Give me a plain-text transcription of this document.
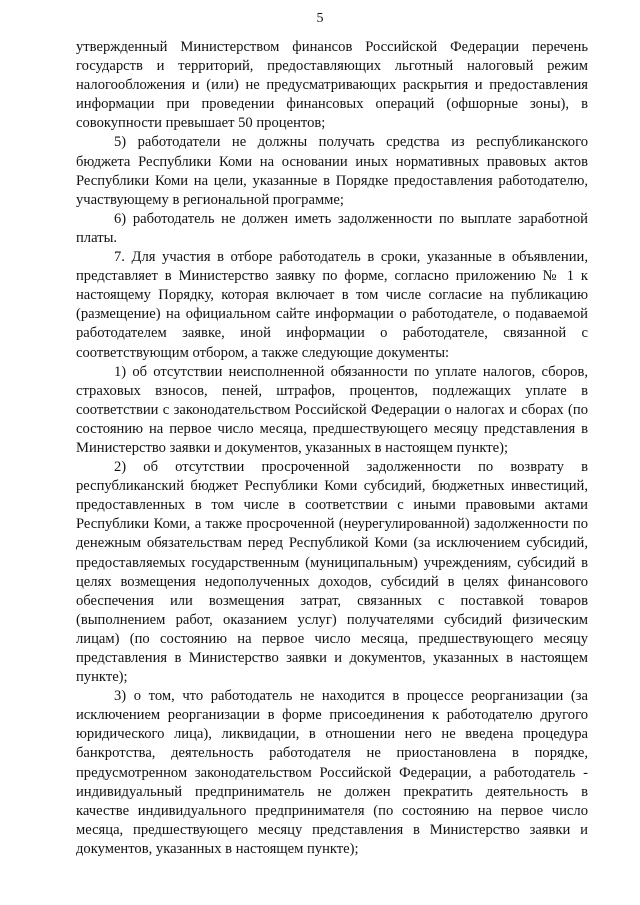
5

утвержденный Министерством финансов Российской Федерации перечень государств и территорий, предоставляющих льготный налоговый режим налогообложения и (или) не предусматривающих раскрытия и предоставления информации при проведении финансовых операций (офшорные зоны), в совокупности превышает 50 процентов;

5) работодатели не должны получать средства из республиканского бюджета Республики Коми на основании иных нормативных правовых актов Республики Коми на цели, указанные в Порядке предоставления работодателю, участвующему в региональной программе;

6) работодатель не должен иметь задолженности по выплате заработной платы.

7. Для участия в отборе работодатель в сроки, указанные в объявлении, представляет в Министерство заявку по форме, согласно приложению № 1 к настоящему Порядку, которая включает в том числе согласие на публикацию (размещение) на официальном сайте информации о работодателе, о подаваемой работодателем заявке, иной информации о работодателе, связанной с соответствующим отбором, а также следующие документы:

1) об отсутствии неисполненной обязанности по уплате налогов, сборов, страховых взносов, пеней, штрафов, процентов, подлежащих уплате в соответствии с законодательством Российской Федерации о налогах и сборах (по состоянию на первое число месяца, предшествующего месяцу представления в Министерство заявки и документов, указанных в настоящем пункте);

2) об отсутствии просроченной задолженности по возврату в республиканский бюджет Республики Коми субсидий, бюджетных инвестиций, предоставленных в том числе в соответствии с иными правовыми актами Республики Коми, а также просроченной (неурегулированной) задолженности по денежным обязательствам перед Республикой Коми (за исключением субсидий, предоставляемых государственным (муниципальным) учреждениям, субсидий в целях возмещения недополученных доходов, субсидий в целях финансового обеспечения или возмещения затрат, связанных с поставкой товаров (выполнением работ, оказанием услуг) получателями субсидий физическим лицам) (по состоянию на первое число месяца, предшествующего месяцу представления в Министерство заявки и документов, указанных в настоящем пункте);

3) о том, что работодатель не находится в процессе реорганизации (за исключением реорганизации в форме присоединения к работодателю другого юридического лица), ликвидации, в отношении него не введена процедура банкротства, деятельность работодателя не приостановлена в порядке, предусмотренном законодательством Российской Федерации, а работодатель - индивидуальный предприниматель не должен прекратить деятельность в качестве индивидуального предпринимателя (по состоянию на первое число месяца, предшествующего месяцу представления в Министерство заявки и документов, указанных в настоящем пункте);
